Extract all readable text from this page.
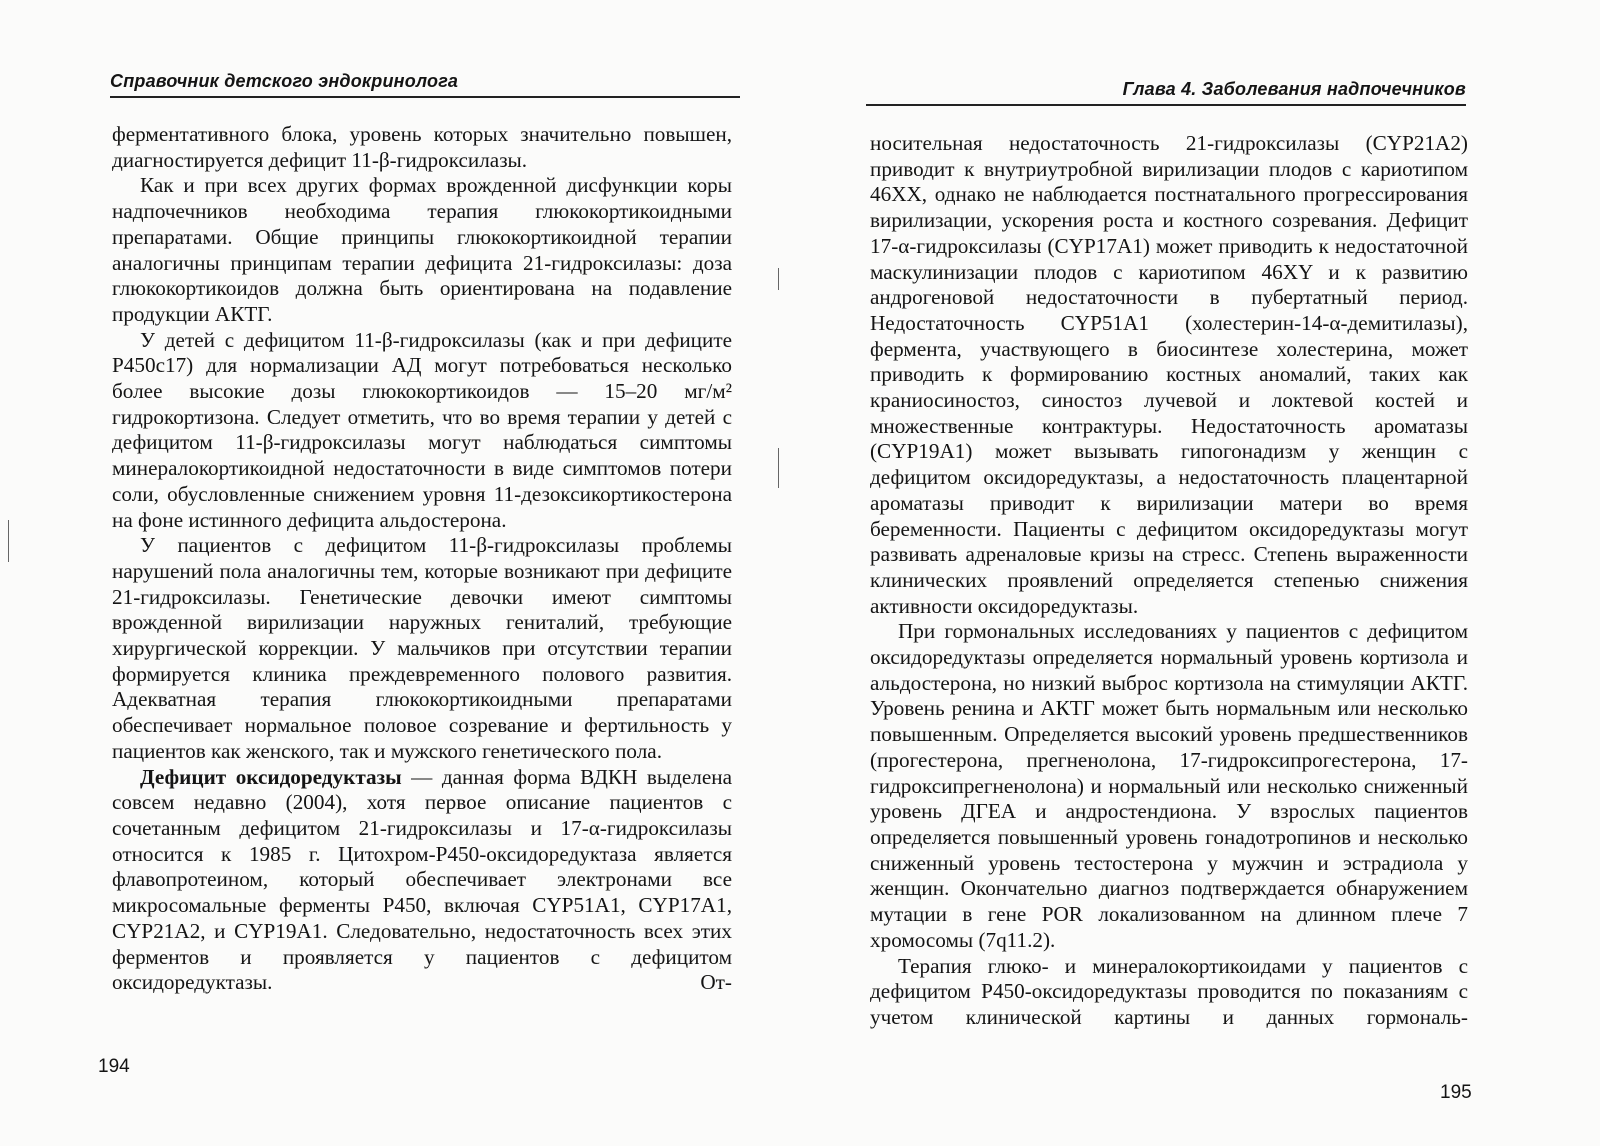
Справочник детского эндокринолога

ферментативного блока, уровень которых значительно повышен, диагностируется дефицит 11-β-гидроксилазы.

Как и при всех других формах врожденной дисфункции коры надпочечников необходима терапия глюкокортикоидными препаратами. Общие принципы глюкокортикоидной терапии аналогичны принципам терапии дефицита 21-гидроксилазы: доза глюкокортикоидов должна быть ориентирована на подавление продукции АКТГ.

У детей с дефицитом 11-β-гидроксилазы (как и при дефиците P450c17) для нормализации АД могут потребоваться несколько более высокие дозы глюкокортикоидов — 15–20 мг/м² гидрокортизона. Следует отметить, что во время терапии у детей с дефицитом 11-β-гидроксилазы могут наблюдаться симптомы минералокортикоидной недостаточности в виде симптомов потери соли, обусловленные снижением уровня 11-дезоксикортикостерона на фоне истинного дефицита альдостерона.

У пациентов с дефицитом 11-β-гидроксилазы проблемы нарушений пола аналогичны тем, которые возникают при дефиците 21-гидроксилазы. Генетические девочки имеют симптомы врожденной вирилизации наружных гениталий, требующие хирургической коррекции. У мальчиков при отсутствии терапии формируется клиника преждевременного полового развития. Адекватная терапия глюкокортикоидными препаратами обеспечивает нормальное половое созревание и фертильность у пациентов как женского, так и мужского генетического пола.

Дефицит оксидоредуктазы — данная форма ВДКН выделена совсем недавно (2004), хотя первое описание пациентов с сочетанным дефицитом 21-гидроксилазы и 17-α-гидроксилазы относится к 1985 г. Цитохром-P450-оксидоредуктаза является флавопротеином, который обеспечивает электронами все микросомальные ферменты P450, включая CYP51A1, CYP17A1, CYP21A2, и CYP19A1. Следовательно, недостаточность всех этих ферментов и проявляется у пациентов с дефицитом оксидоредуктазы. От-

194
Глава 4. Заболевания надпочечников

носительная недостаточность 21-гидроксилазы (CYP21A2) приводит к внутриутробной вирилизации плодов с кариотипом 46XX, однако не наблюдается постнатального прогрессирования вирилизации, ускорения роста и костного созревания. Дефицит 17-α-гидроксилазы (CYP17A1) может приводить к недостаточной маскулинизации плодов с кариотипом 46XY и к развитию андрогеновой недостаточности в пубертатный период. Недостаточность CYP51A1 (холестерин-14-α-демитилазы), фермента, участвующего в биосинтезе холестерина, может приводить к формированию костных аномалий, таких как краниосиностоз, синостоз лучевой и локтевой костей и множественные контрактуры. Недостаточность ароматазы (CYP19A1) может вызывать гипогонадизм у женщин с дефицитом оксидоредуктазы, а недостаточность плацентарной ароматазы приводит к вирилизации матери во время беременности. Пациенты с дефицитом оксидоредуктазы могут развивать адреналовые кризы на стресс. Степень выраженности клинических проявлений определяется степенью снижения активности оксидоредуктазы.

При гормональных исследованиях у пациентов с дефицитом оксидоредуктазы определяется нормальный уровень кортизола и альдостерона, но низкий выброс кортизола на стимуляции АКТГ. Уровень ренина и АКТГ может быть нормальным или несколько повышенным. Определяется высокий уровень предшественников (прогестерона, прегненолона, 17-гидроксипрогестерона, 17-гидроксипрегненолона) и нормальный или несколько сниженный уровень ДГЕА и андростендиона. У взрослых пациентов определяется повышенный уровень гонадотропинов и несколько сниженный уровень тестостерона у мужчин и эстрадиола у женщин. Окончательно диагноз подтверждается обнаружением мутации в гене POR локализованном на длинном плече 7 хромосомы (7q11.2).

Терапия глюко- и минералокортикоидами у пациентов с дефицитом P450-оксидоредуктазы проводится по показаниям с учетом клинической картины и данных гормональ-

195
